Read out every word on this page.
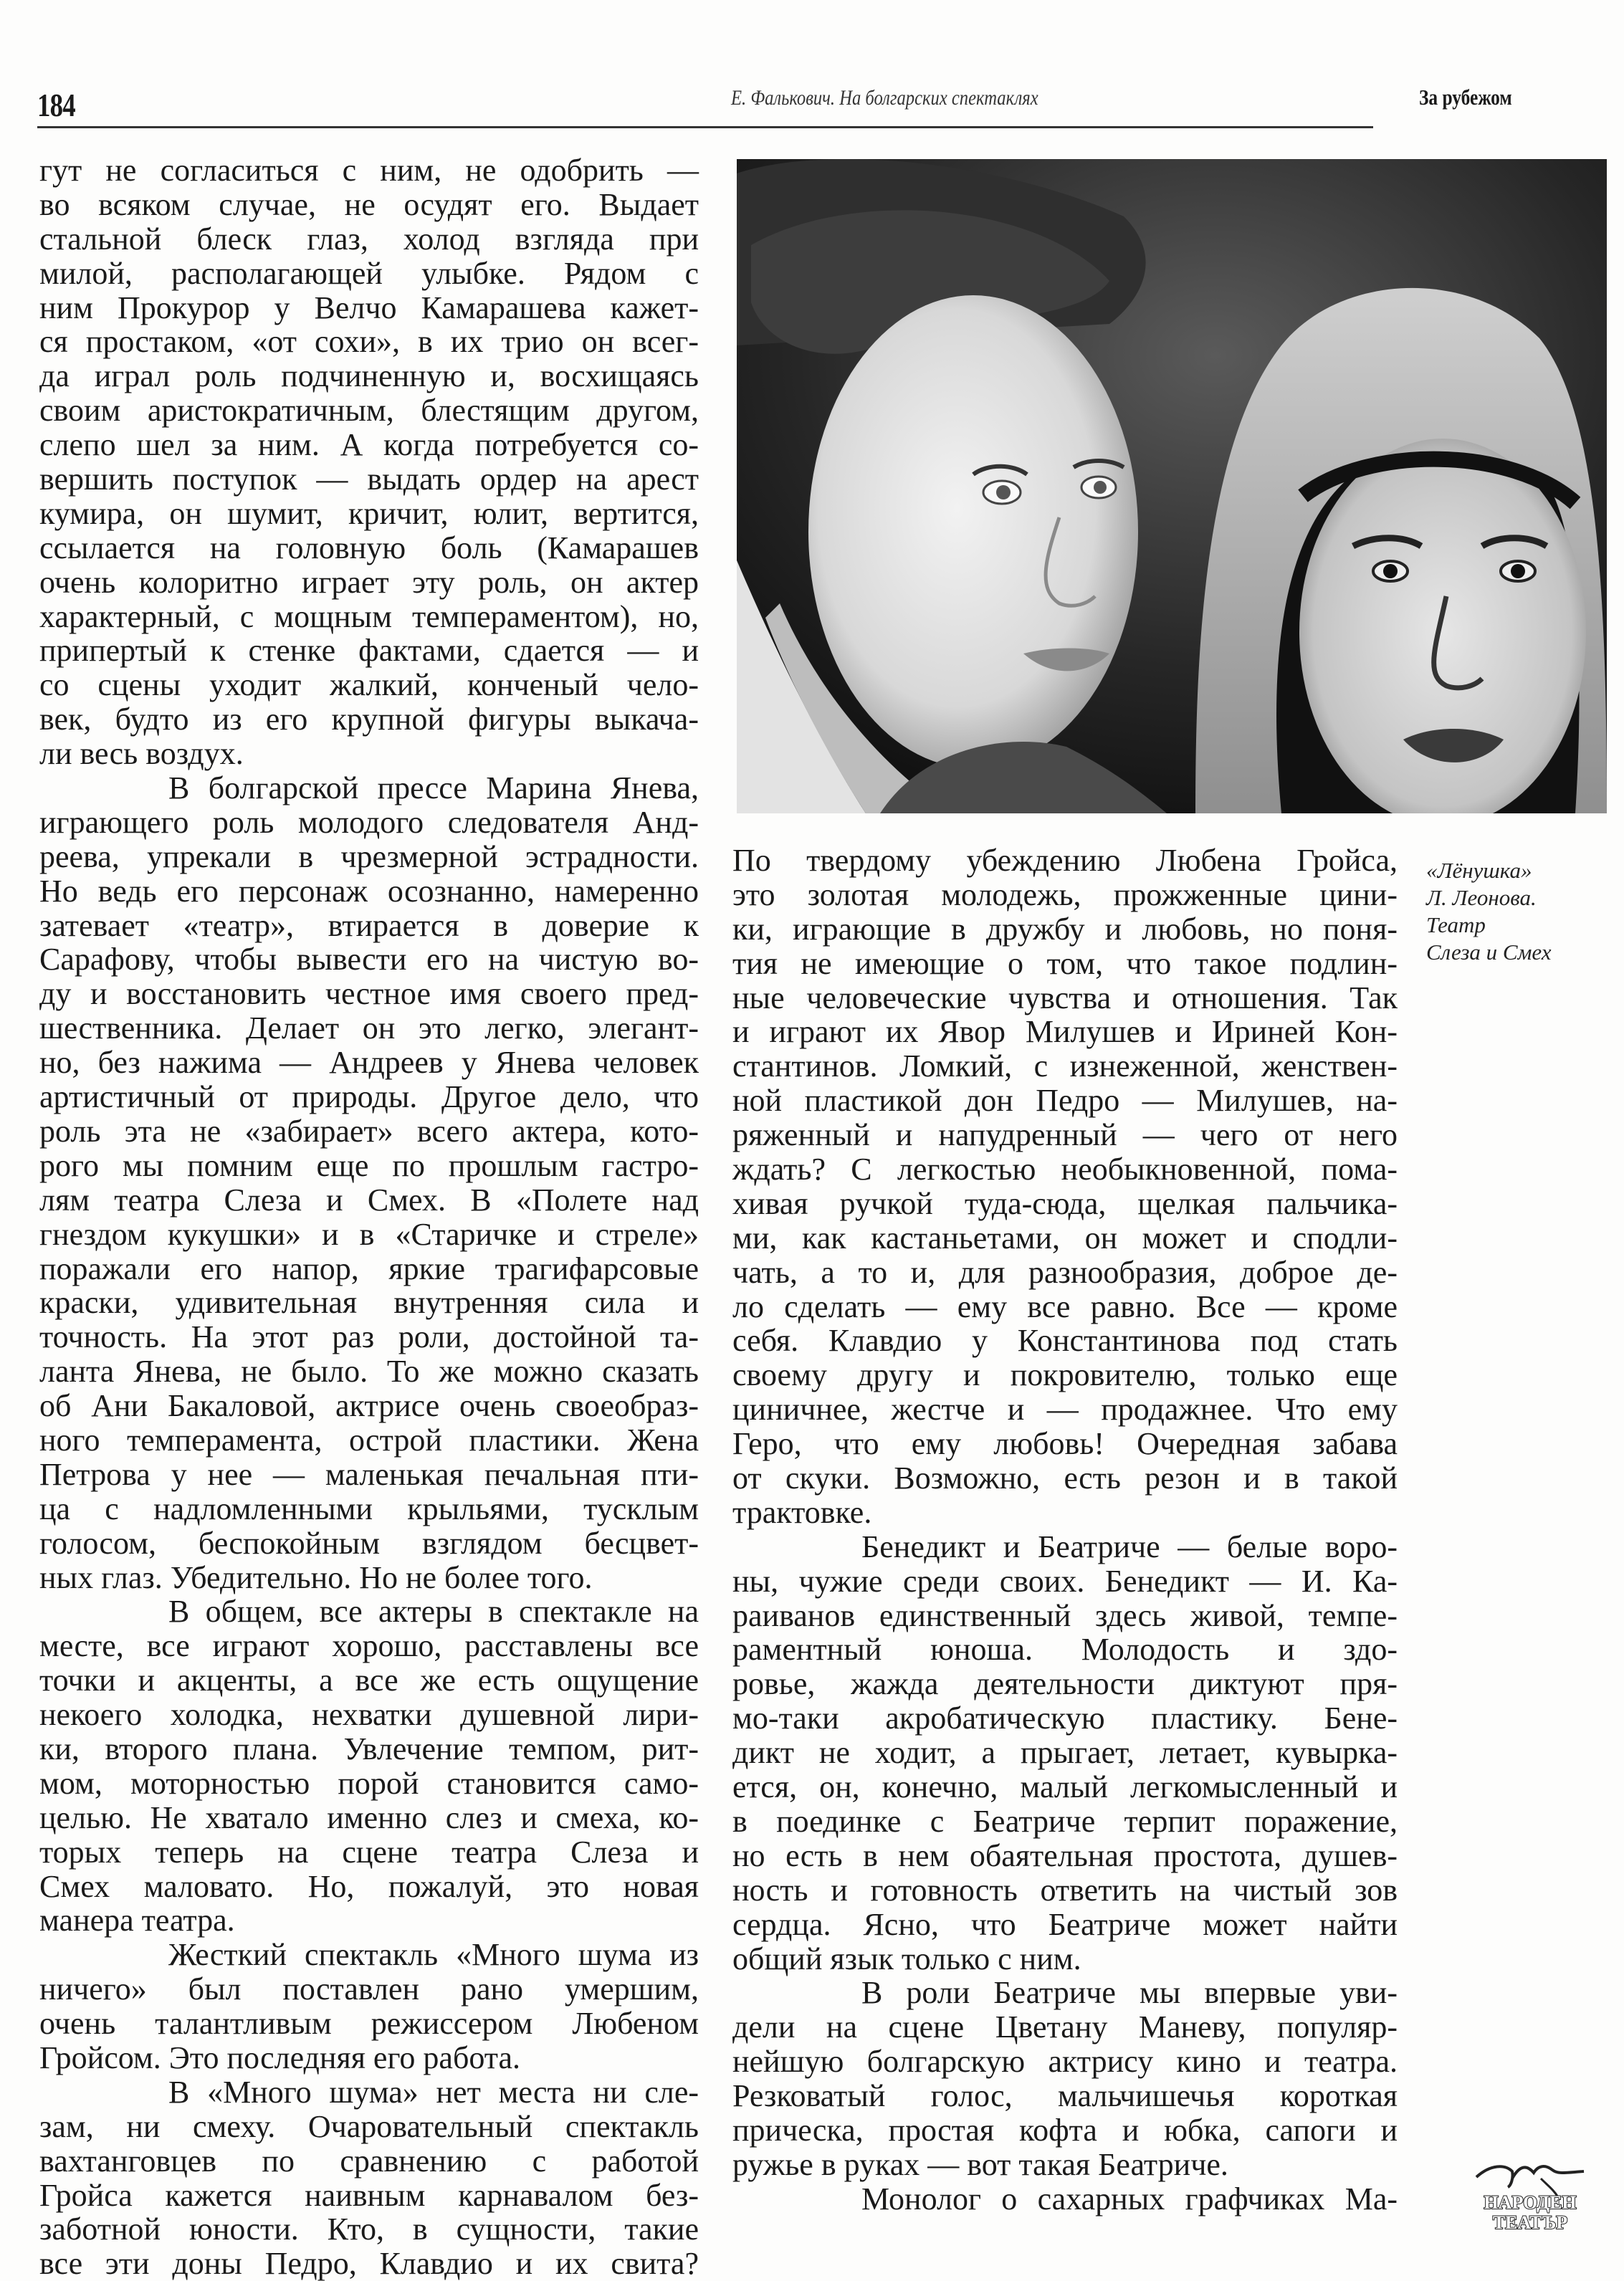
184	Е. Фалькович. На болгарских спектаклях	За рубежом
гут не согласиться с ним, не одобрить —
во всяком случае, не осудят его. Выдает
стальной блеск глаз, холод взгляда при
милой, располагающей улыбке. Рядом с
ним Прокурор у Велчо Камарашева кажет-
ся простаком, «от сохи», в их трио он всег-
да играл роль подчиненную и, восхищаясь
своим аристократичным, блестящим другом,
слепо шел за ним. А когда потребуется со-
вершить поступок — выдать ордер на арест
кумира, он шумит, кричит, юлит, вертится,
ссылается на головную боль (Камарашев
очень колоритно играет эту роль, он актер
характерный, с мощным темпераментом), но,
припертый к стенке фактами, сдается — и
со сцены уходит жалкий, конченый чело-
век, будто из его крупной фигуры выкача-
ли весь воздух.
В болгарской прессе Марина Янева,
играющего роль молодого следователя Анд-
реева, упрекали в чрезмерной эстрадности.
Но ведь его персонаж осознанно, намеренно
затевает «театр», втирается в доверие к
Сарафову, чтобы вывести его на чистую во-
ду и восстановить честное имя своего пред-
шественника. Делает он это легко, элегант-
но, без нажима — Андреев у Янева человек
артистичный от природы. Другое дело, что
роль эта не «забирает» всего актера, кото-
рого мы помним еще по прошлым гастро-
лям театра Слеза и Смех. В «Полете над
гнездом кукушки» и в «Старичке и стреле»
поражали его напор, яркие трагифарсовые
краски, удивительная внутренняя сила и
точность. На этот раз роли, достойной та-
ланта Янева, не было. То же можно сказать
об Ани Бакаловой, актрисе очень своеобраз-
ного темперамента, острой пластики. Жена
Петрова у нее — маленькая печальная пти-
ца с надломленными крыльями, тусклым
голосом, беспокойным взглядом бесцвет-
ных глаз. Убедительно. Но не более того.
В общем, все актеры в спектакле на
месте, все играют хорошо, расставлены все
точки и акценты, а все же есть ощущение
некоего холодка, нехватки душевной лири-
ки, второго плана. Увлечение темпом, рит-
мом, моторностью порой становится само-
целью. Не хватало именно слез и смеха, ко-
торых теперь на сцене театра Слеза и
Смех маловато. Но, пожалуй, это новая
манера театра.
Жесткий спектакль «Много шума из
ничего» был поставлен рано умершим,
очень талантливым режиссером Любеном
Гройсом. Это последняя его работа.
В «Много шума» нет места ни сле-
зам, ни смеху. Очаровательный спектакль
вахтанговцев по сравнению с работой
Гройса кажется наивным карнавалом без-
заботной юности. Кто, в сущности, такие
все эти доны Педро, Клавдио и их свита?
«Лёнушка»
Л. Леонова.
Театр
Слеза и Смех
По твердому убеждению Любена Гройса,
это золотая молодежь, прожженные цини-
ки, играющие в дружбу и любовь, но поня-
тия не имеющие о том, что такое подлин-
ные человеческие чувства и отношения. Так
и играют их Явор Милушев и Ириней Кон-
стантинов. Ломкий, с изнеженной, женствен-
ной пластикой дон Педро — Милушев, на-
ряженный и напудренный — чего от него
ждать? С легкостью необыкновенной, пома-
хивая ручкой туда-сюда, щелкая пальчика-
ми, как кастаньетами, он может и сподли-
чать, а то и, для разнообразия, доброе де-
ло сделать — ему все равно. Все — кроме
себя. Клавдио у Константинова под стать
своему другу и покровителю, только еще
циничнее, жестче и — продажнее. Что ему
Геро, что ему любовь! Очередная забава
от скуки. Возможно, есть резон и в такой
трактовке.
Бенедикт и Беатриче — белые воро-
ны, чужие среди своих. Бенедикт — И. Ка-
раиванов единственный здесь живой, темпе-
раментный юноша. Молодость и здо-
ровье, жажда деятельности диктуют пря-
мо-таки акробатическую пластику. Бене-
дикт не ходит, а прыгает, летает, кувырка-
ется, он, конечно, малый легкомысленный и
в поединке с Беатриче терпит поражение,
но есть в нем обаятельная простота, душев-
ность и готовность ответить на чистый зов
сердца. Ясно, что Беатриче может найти
общий язык только с ним.
В роли Беатриче мы впервые уви-
дели на сцене Цветану Маневу, популяр-
нейшую болгарскую актрису кино и театра.
Резковатый голос, мальчишечья короткая
прическа, простая кофта и юбка, сапоги и
ружье в руках — вот такая Беатриче.
Монолог о сахарных графчиках Ма-	НАРОДЕН
ТЕАТЪР
